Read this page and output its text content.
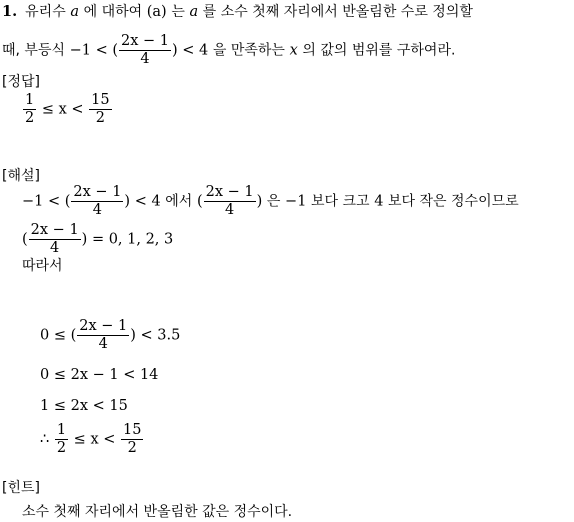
1. 유리수 a 에 대하여 (a) 는 a 를 소수 첫째 자리에서 반올림한 수로 정의할
때, 부등식 −1 < ( $\frac{2x - 1}{4}$ ) < 4 을 만족하는 x 의 값의 범위를 구하여라.
[정답]
$\frac{1}{2} \le x < \frac{15}{2}$
[해설]
−1 < ( $\frac{2x - 1}{4}$ ) < 4 에서 ( $\frac{2x - 1}{4}$ ) 은 −1 보다 크고 4 보다 작은 정수이므로
( $\frac{2x - 1}{4}$ ) = 0, 1, 2, 3
따라서
0 ≤ ( $\frac{2x - 1}{4}$ ) < 3.5
0 ≤ 2x − 1 < 14
1 ≤ 2x < 15
∴ $\frac{1}{2} \le x < \frac{15}{2}$
[힌트]
소수 첫째 자리에서 반올림한 값은 정수이다.
